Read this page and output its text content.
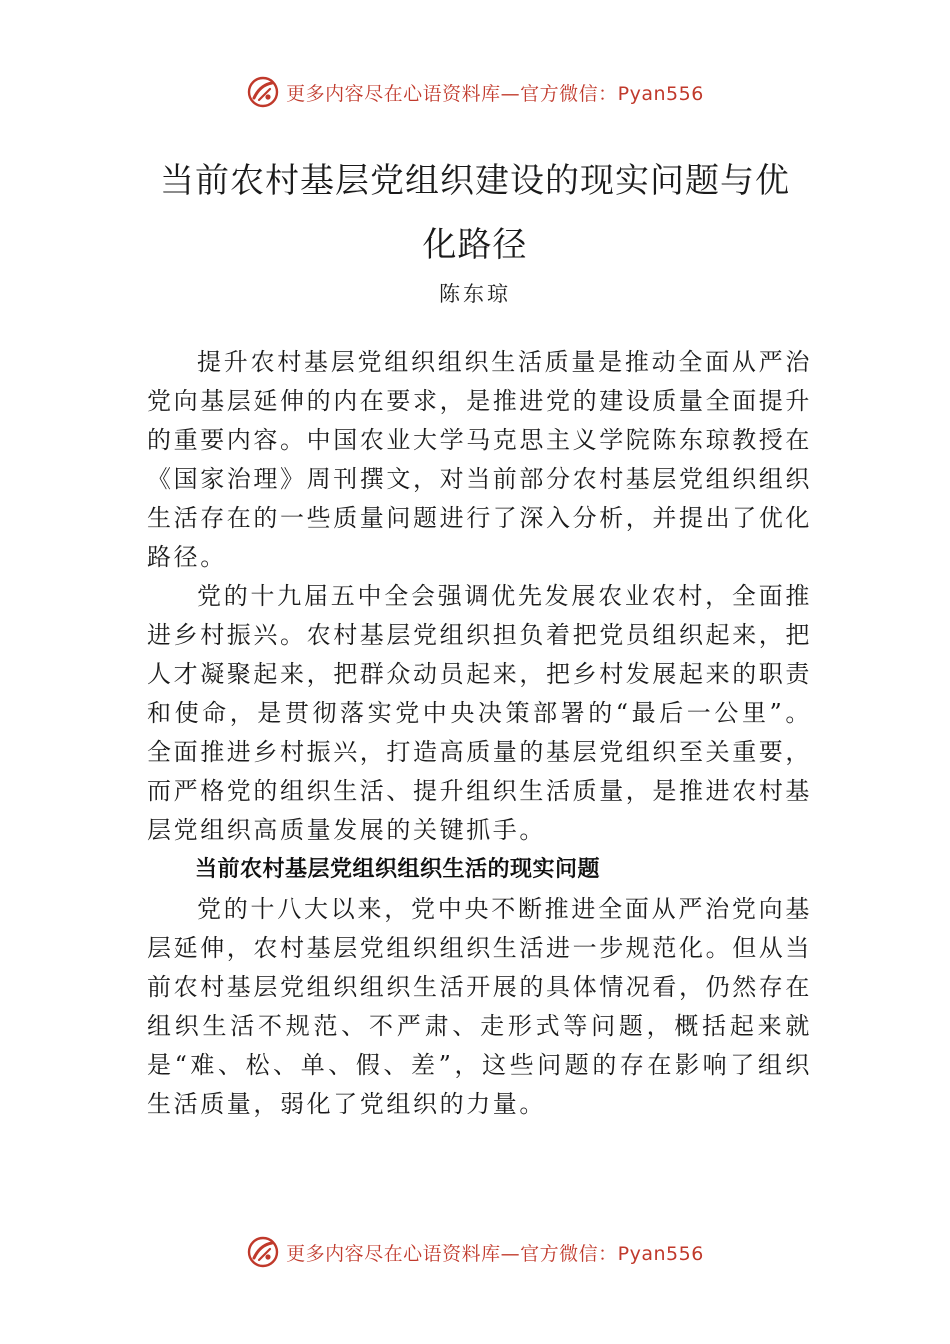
更多内容尽在心语资料库—官方微信：Pyan556
当前农村基层党组织建设的现实问题与优
化路径
陈东琼

提升农村基层党组织组织生活质量是推动全面从严治党向基层延伸的内在要求，是推进党的建设质量全面提升的重要内容。中国农业大学马克思主义学院陈东琼教授在《国家治理》周刊撰文，对当前部分农村基层党组织组织生活存在的一些质量问题进行了深入分析，并提出了优化路径。

党的十九届五中全会强调优先发展农业农村，全面推进乡村振兴。农村基层党组织担负着把党员组织起来，把人才凝聚起来，把群众动员起来，把乡村发展起来的职责和使命，是贯彻落实党中央决策部署的“最后一公里”。全面推进乡村振兴，打造高质量的基层党组织至关重要，而严格党的组织生活、提升组织生活质量，是推进农村基层党组织高质量发展的关键抓手。

当前农村基层党组织组织生活的现实问题

党的十八大以来，党中央不断推进全面从严治党向基层延伸，农村基层党组织组织生活进一步规范化。但从当前农村基层党组织组织生活开展的具体情况看，仍然存在组织生活不规范、不严肃、走形式等问题，概括起来就是“难、松、单、假、差”，这些问题的存在影响了组织生活质量，弱化了党组织的力量。

更多内容尽在心语资料库—官方微信：Pyan556
